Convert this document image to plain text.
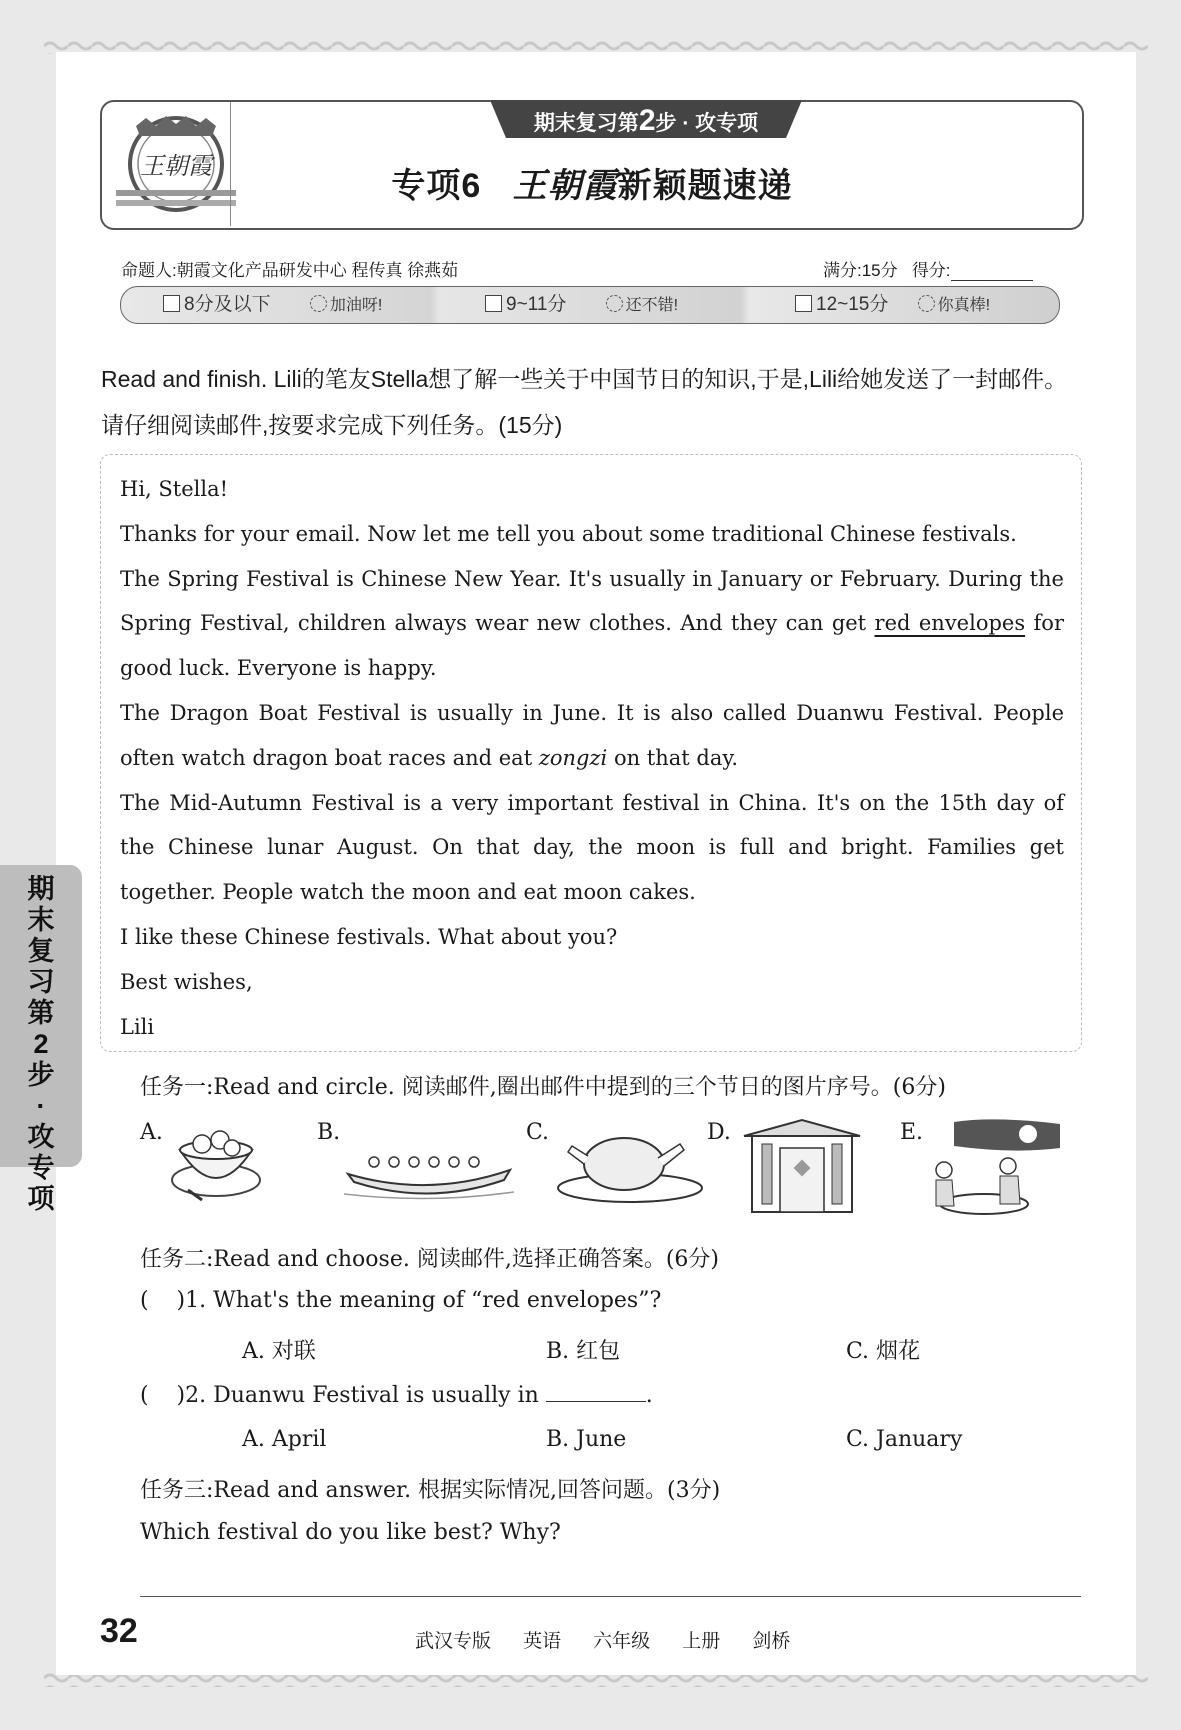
期
末
复
习
第
2
步
·
攻
专
项
王朝霞
期末复习第2步 · 攻专项
专项6 王朝霞新颖题速递
命题人:朝霞文化产品研发中心 程传真 徐燕茹	满分:15分 得分:
8分及以下	加油呀!	9~11分	还不错!	12~15分	你真棒!
Read and finish. Lili的笔友Stella想了解一些关于中国节日的知识,于是,Lili给她发送了一封邮件。请仔细阅读邮件,按要求完成下列任务。(15分)
Hi, Stella!
Thanks for your email. Now let me tell you about some traditional Chinese festivals.
The Spring Festival is Chinese New Year. It's usually in January or February. During the Spring Festival, children always wear new clothes. And they can get red envelopes for good luck. Everyone is happy.
The Dragon Boat Festival is usually in June. It is also called Duanwu Festival. People often watch dragon boat races and eat zongzi on that day.
The Mid-Autumn Festival is a very important festival in China. It's on the 15th day of the Chinese lunar August. On that day, the moon is full and bright. Families get together. People watch the moon and eat moon cakes.
I like these Chinese festivals. What about you?
Best wishes,
Lili
任务一:Read and circle. 阅读邮件,圈出邮件中提到的三个节日的图片序号。(6分)
A.	B.	C.	D.	E.
任务二:Read and choose. 阅读邮件,选择正确答案。(6分)
(    )1. What's the meaning of “red envelopes”?
A. 对联	B. 红包	C. 烟花
(    )2. Duanwu Festival is usually in	.
A. April	B. June	C. January
任务三:Read and answer. 根据实际情况,回答问题。(3分)
Which festival do you like best? Why?
32	武汉专版  英语  六年级  上册  剑桥
